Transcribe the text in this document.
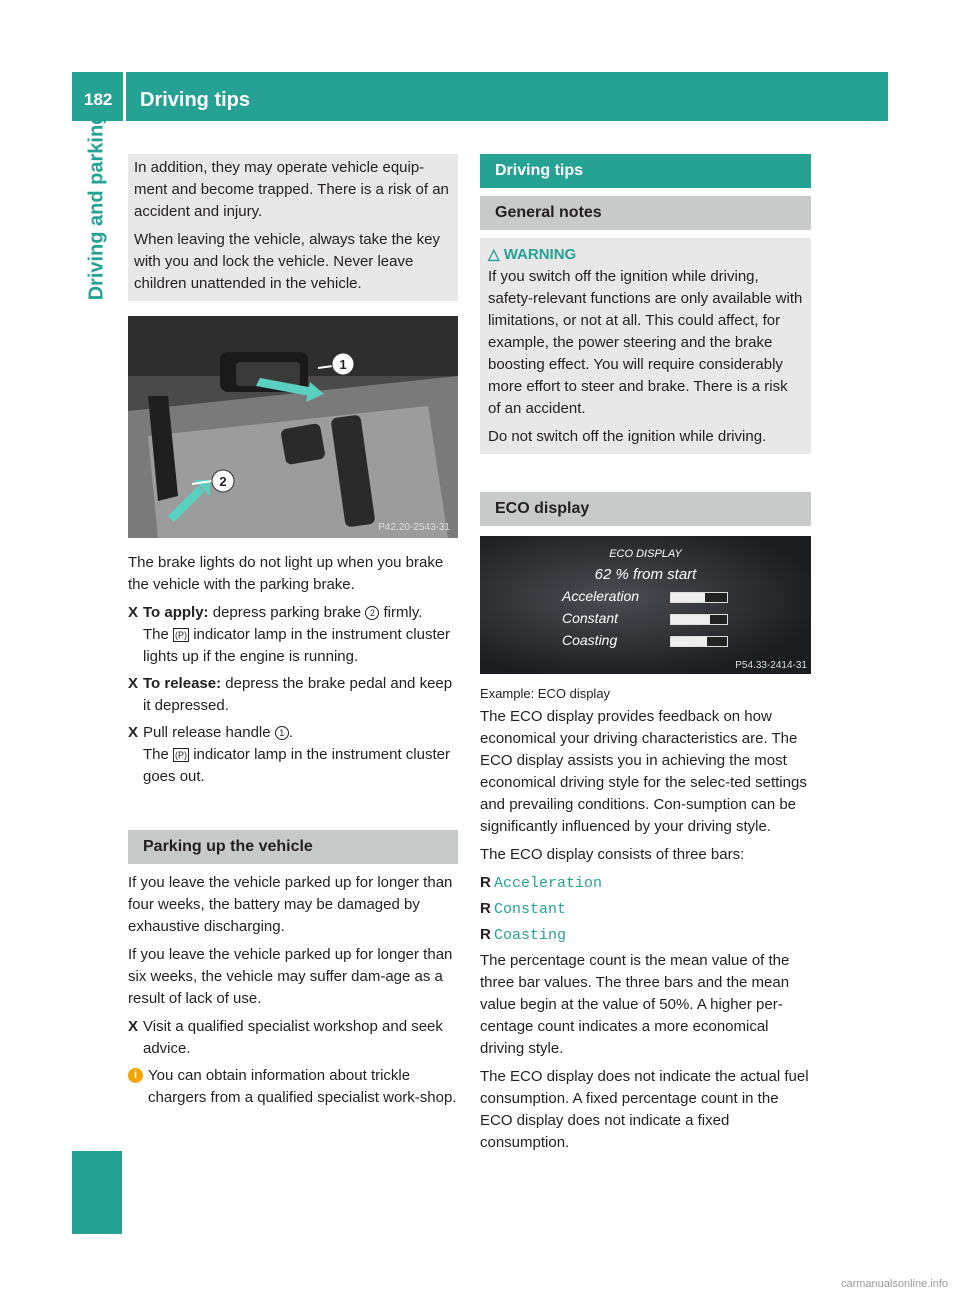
182 Driving tips
Driving and parking In addition, they may operate vehicle equip-ment and become trapped. There is a risk of an accident and injury.

When leaving the vehicle, always take the key with you and lock the vehicle. Never leave children unattended in the vehicle.

1
2
P42.20-2543-31

The brake lights do not light up when you brake the vehicle with the parking brake.

X To apply: depress parking brake 2 firmly.
The (P) indicator lamp in the instrument cluster lights up if the engine is running.
X To release: depress the brake pedal and keep it depressed.
X Pull release handle 1 .
The (P) indicator lamp in the instrument cluster goes out.
Parking up the vehicle

If you leave the vehicle parked up for longer than four weeks, the battery may be damaged by exhaustive discharging.

If you leave the vehicle parked up for longer than six weeks, the vehicle may suffer dam-age as a result of lack of use.

X Visit a qualified specialist workshop and seek advice.
i You can obtain information about trickle chargers from a qualified specialist work-shop.
Driving tips
General notes
△ WARNING

If you switch off the ignition while driving, safety-relevant functions are only available with limitations, or not at all. This could affect, for example, the power steering and the brake boosting effect. You will require considerably more effort to steer and brake. There is a risk of an accident.

Do not switch off the ignition while driving.

ECO display
ECO DISPLAY
62 % from start
Acceleration
Constant
Coasting
P54.33-2414-31

Example: ECO display

The ECO display provides feedback on how economical your driving characteristics are. The ECO display assists you in achieving the most economical driving style for the selec-ted settings and prevailing conditions. Con-sumption can be significantly influenced by your driving style.

The ECO display consists of three bars:

R Acceleration
R Constant
R Coasting

The percentage count is the mean value of the three bar values. The three bars and the mean value begin at the value of 50%. A higher per-centage count indicates a more economical driving style.

The ECO display does not indicate the actual fuel consumption. A fixed percentage count in the ECO display does not indicate a fixed consumption.

carmanualsonline.info
